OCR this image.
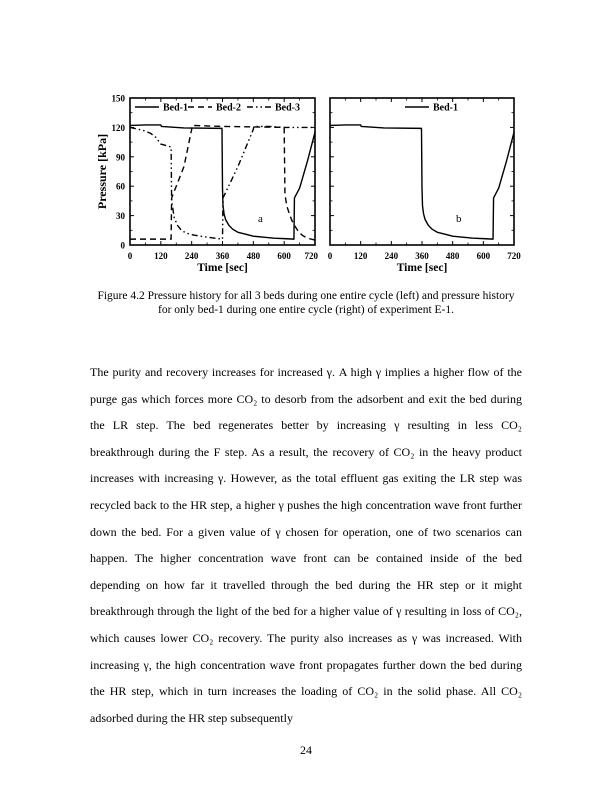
0 120 240 360 480 600 720
0
30
60
90
120
150
Time [sec]
Pressure [kPa]
Bed-1	Bed-2	Bed-3
a
0 120 240 360 480 600 720
Time [sec]
Bed-1
b
Figure 4.2 Pressure history for all 3 beds during one entire cycle (left) and pressure history for only bed-1 during one entire cycle (right) of experiment E-1.
The purity and recovery increases for increased γ. A high γ implies a higher flow of the purge gas which forces more CO₂ to desorb from the adsorbent and exit the bed during the LR step. The bed regenerates better by increasing γ resulting in less CO₂ breakthrough during the F step. As a result, the recovery of CO₂ in the heavy product increases with increasing γ. However, as the total effluent gas exiting the LR step was recycled back to the HR step, a higher γ pushes the high concentration wave front further down the bed. For a given value of γ chosen for operation, one of two scenarios can happen. The higher concentration wave front can be contained inside of the bed depending on how far it travelled through the bed during the HR step or it might breakthrough through the light of the bed for a higher value of γ resulting in loss of CO₂, which causes lower CO₂ recovery. The purity also increases as γ was increased. With increasing γ, the high concentration wave front propagates further down the bed during the HR step, which in turn increases the loading of CO₂ in the solid phase. All CO₂ adsorbed during the HR step subsequently
24
